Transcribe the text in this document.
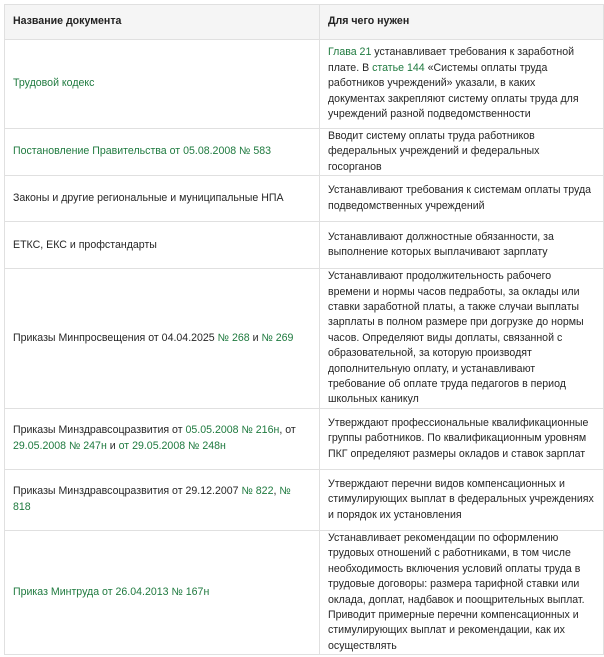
Название документа	Для чего нужен
Трудовой кодекс	Глава 21 устанавливает требования к заработной плате. В статье 144 «Системы оплаты труда работников учреждений» указали, в каких документах закрепляют систему оплаты труда для учреждений разной подведомственности
Постановление Правительства от 05.08.2008 № 583	Вводит систему оплаты труда работников федеральных учреждений и федеральных госорганов
Законы и другие региональные и муниципальные НПА	Устанавливают требования к системам оплаты труда подведомственных учреждений
ЕТКС, ЕКС и профстандарты	Устанавливают должностные обязанности, за выполнение которых выплачивают зарплату
Приказы Минпросвещения от 04.04.2025 № 268 и № 269	Устанавливают продолжительность рабочего времени и нормы часов педработы, за оклады или ставки заработной платы, а также случаи выплаты зарплаты в полном размере при догрузке до нормы часов. Определяют виды доплаты, связанной с образовательной, за которую производят дополнительную оплату, и устанавливают требование об оплате труда педагогов в период школьных каникул
Приказы Минздравсоцразвития от 05.05.2008 № 216н, от 29.05.2008 № 247н и от 29.05.2008 № 248н	Утверждают профессиональные квалификационные группы работников. По квалификационным уровням ПКГ определяют размеры окладов и ставок зарплат
Приказы Минздравсоцразвития от 29.12.2007 № 822, № 818	Утверждают перечни видов компенсационных и стимулирующих выплат в федеральных учреждениях и порядок их установления
Приказ Минтруда от 26.04.2013 № 167н	Устанавливает рекомендации по оформлению трудовых отношений с работниками, в том числе необходимость включения условий оплаты труда в трудовые договоры: размера тарифной ставки или оклада, доплат, надбавок и поощрительных выплат. Приводит примерные перечни компенсационных и стимулирующих выплат и рекомендации, как их осуществлять
